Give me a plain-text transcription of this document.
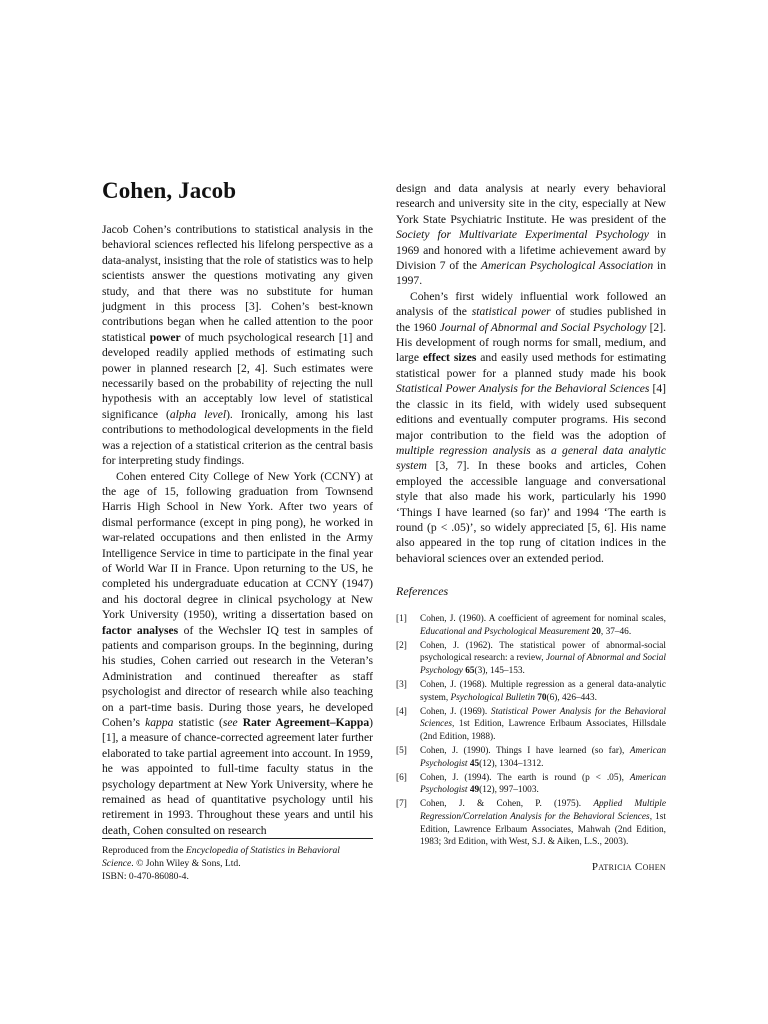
Cohen, Jacob

Jacob Cohen’s contributions to statistical analysis in the behavioral sciences reflected his lifelong perspective as a data-analyst, insisting that the role of statistics was to help scientists answer the questions motivating any given study, and that there was no substitute for human judgment in this process [3]. Cohen’s best-known contributions began when he called attention to the poor statistical power of much psychological research [1] and developed readily applied methods of estimating such power in planned research [2, 4]. Such estimates were necessarily based on the probability of rejecting the null hypothesis with an acceptably low level of statistical significance (alpha level). Ironically, among his last contributions to methodological developments in the field was a rejection of a statistical criterion as the central basis for interpreting study findings.

Cohen entered City College of New York (CCNY) at the age of 15, following graduation from Townsend Harris High School in New York. After two years of dismal performance (except in ping pong), he worked in war-related occupations and then enlisted in the Army Intelligence Service in time to participate in the final year of World War II in France. Upon returning to the US, he completed his undergraduate education at CCNY (1947) and his doctoral degree in clinical psychology at New York University (1950), writing a dissertation based on factor analyses of the Wechsler IQ test in samples of patients and comparison groups. In the beginning, during his studies, Cohen carried out research in the Veteran’s Administration and continued thereafter as staff psychologist and director of research while also teaching on a part-time basis. During those years, he developed Cohen’s kappa statistic (see Rater Agreement–Kappa) [1], a measure of chance-corrected agreement later further elaborated to take partial agreement into account. In 1959, he was appointed to full-time faculty status in the psychology department at New York University, where he remained as head of quantitative psychology until his retirement in 1993. Throughout these years and until his death, Cohen consulted on research

design and data analysis at nearly every behavioral research and university site in the city, especially at New York State Psychiatric Institute. He was president of the Society for Multivariate Experimental Psychology in 1969 and honored with a lifetime achievement award by Division 7 of the American Psychological Association in 1997.

Cohen’s first widely influential work followed an analysis of the statistical power of studies published in the 1960 Journal of Abnormal and Social Psychology [2]. His development of rough norms for small, medium, and large effect sizes and easily used methods for estimating statistical power for a planned study made his book Statistical Power Analysis for the Behavioral Sciences [4] the classic in its field, with widely used subsequent editions and eventually computer programs. His second major contribution to the field was the adoption of multiple regression analysis as a general data analytic system [3, 7]. In these books and articles, Cohen employed the accessible language and conversational style that also made his work, particularly his 1990 ‘Things I have learned (so far)’ and 1994 ‘The earth is round (p < .05)’, so widely appreciated [5, 6]. His name also appeared in the top rung of citation indices in the behavioral sciences over an extended period.

References
[1] Cohen, J. (1960). A coefficient of agreement for nominal scales, Educational and Psychological Measurement 20, 37–46.
[2] Cohen, J. (1962). The statistical power of abnormal-social psychological research: a review, Journal of Abnormal and Social Psychology 65(3), 145–153.
[3] Cohen, J. (1968). Multiple regression as a general data-analytic system, Psychological Bulletin 70(6), 426–443.
[4] Cohen, J. (1969). Statistical Power Analysis for the Behavioral Sciences, 1st Edition, Lawrence Erlbaum Associates, Hillsdale (2nd Edition, 1988).
[5] Cohen, J. (1990). Things I have learned (so far), American Psychologist 45(12), 1304–1312.
[6] Cohen, J. (1994). The earth is round (p < .05), American Psychologist 49(12), 997–1003.
[7] Cohen, J. & Cohen, P. (1975). Applied Multiple Regression/Correlation Analysis for the Behavioral Sciences, 1st Edition, Lawrence Erlbaum Associates, Mahwah (2nd Edition, 1983; 3rd Edition, with West, S.J. & Aiken, L.S., 2003).
Patricia Cohen
Reproduced from the Encyclopedia of Statistics in Behavioral Science. © John Wiley & Sons, Ltd.
ISBN: 0-470-86080-4.
